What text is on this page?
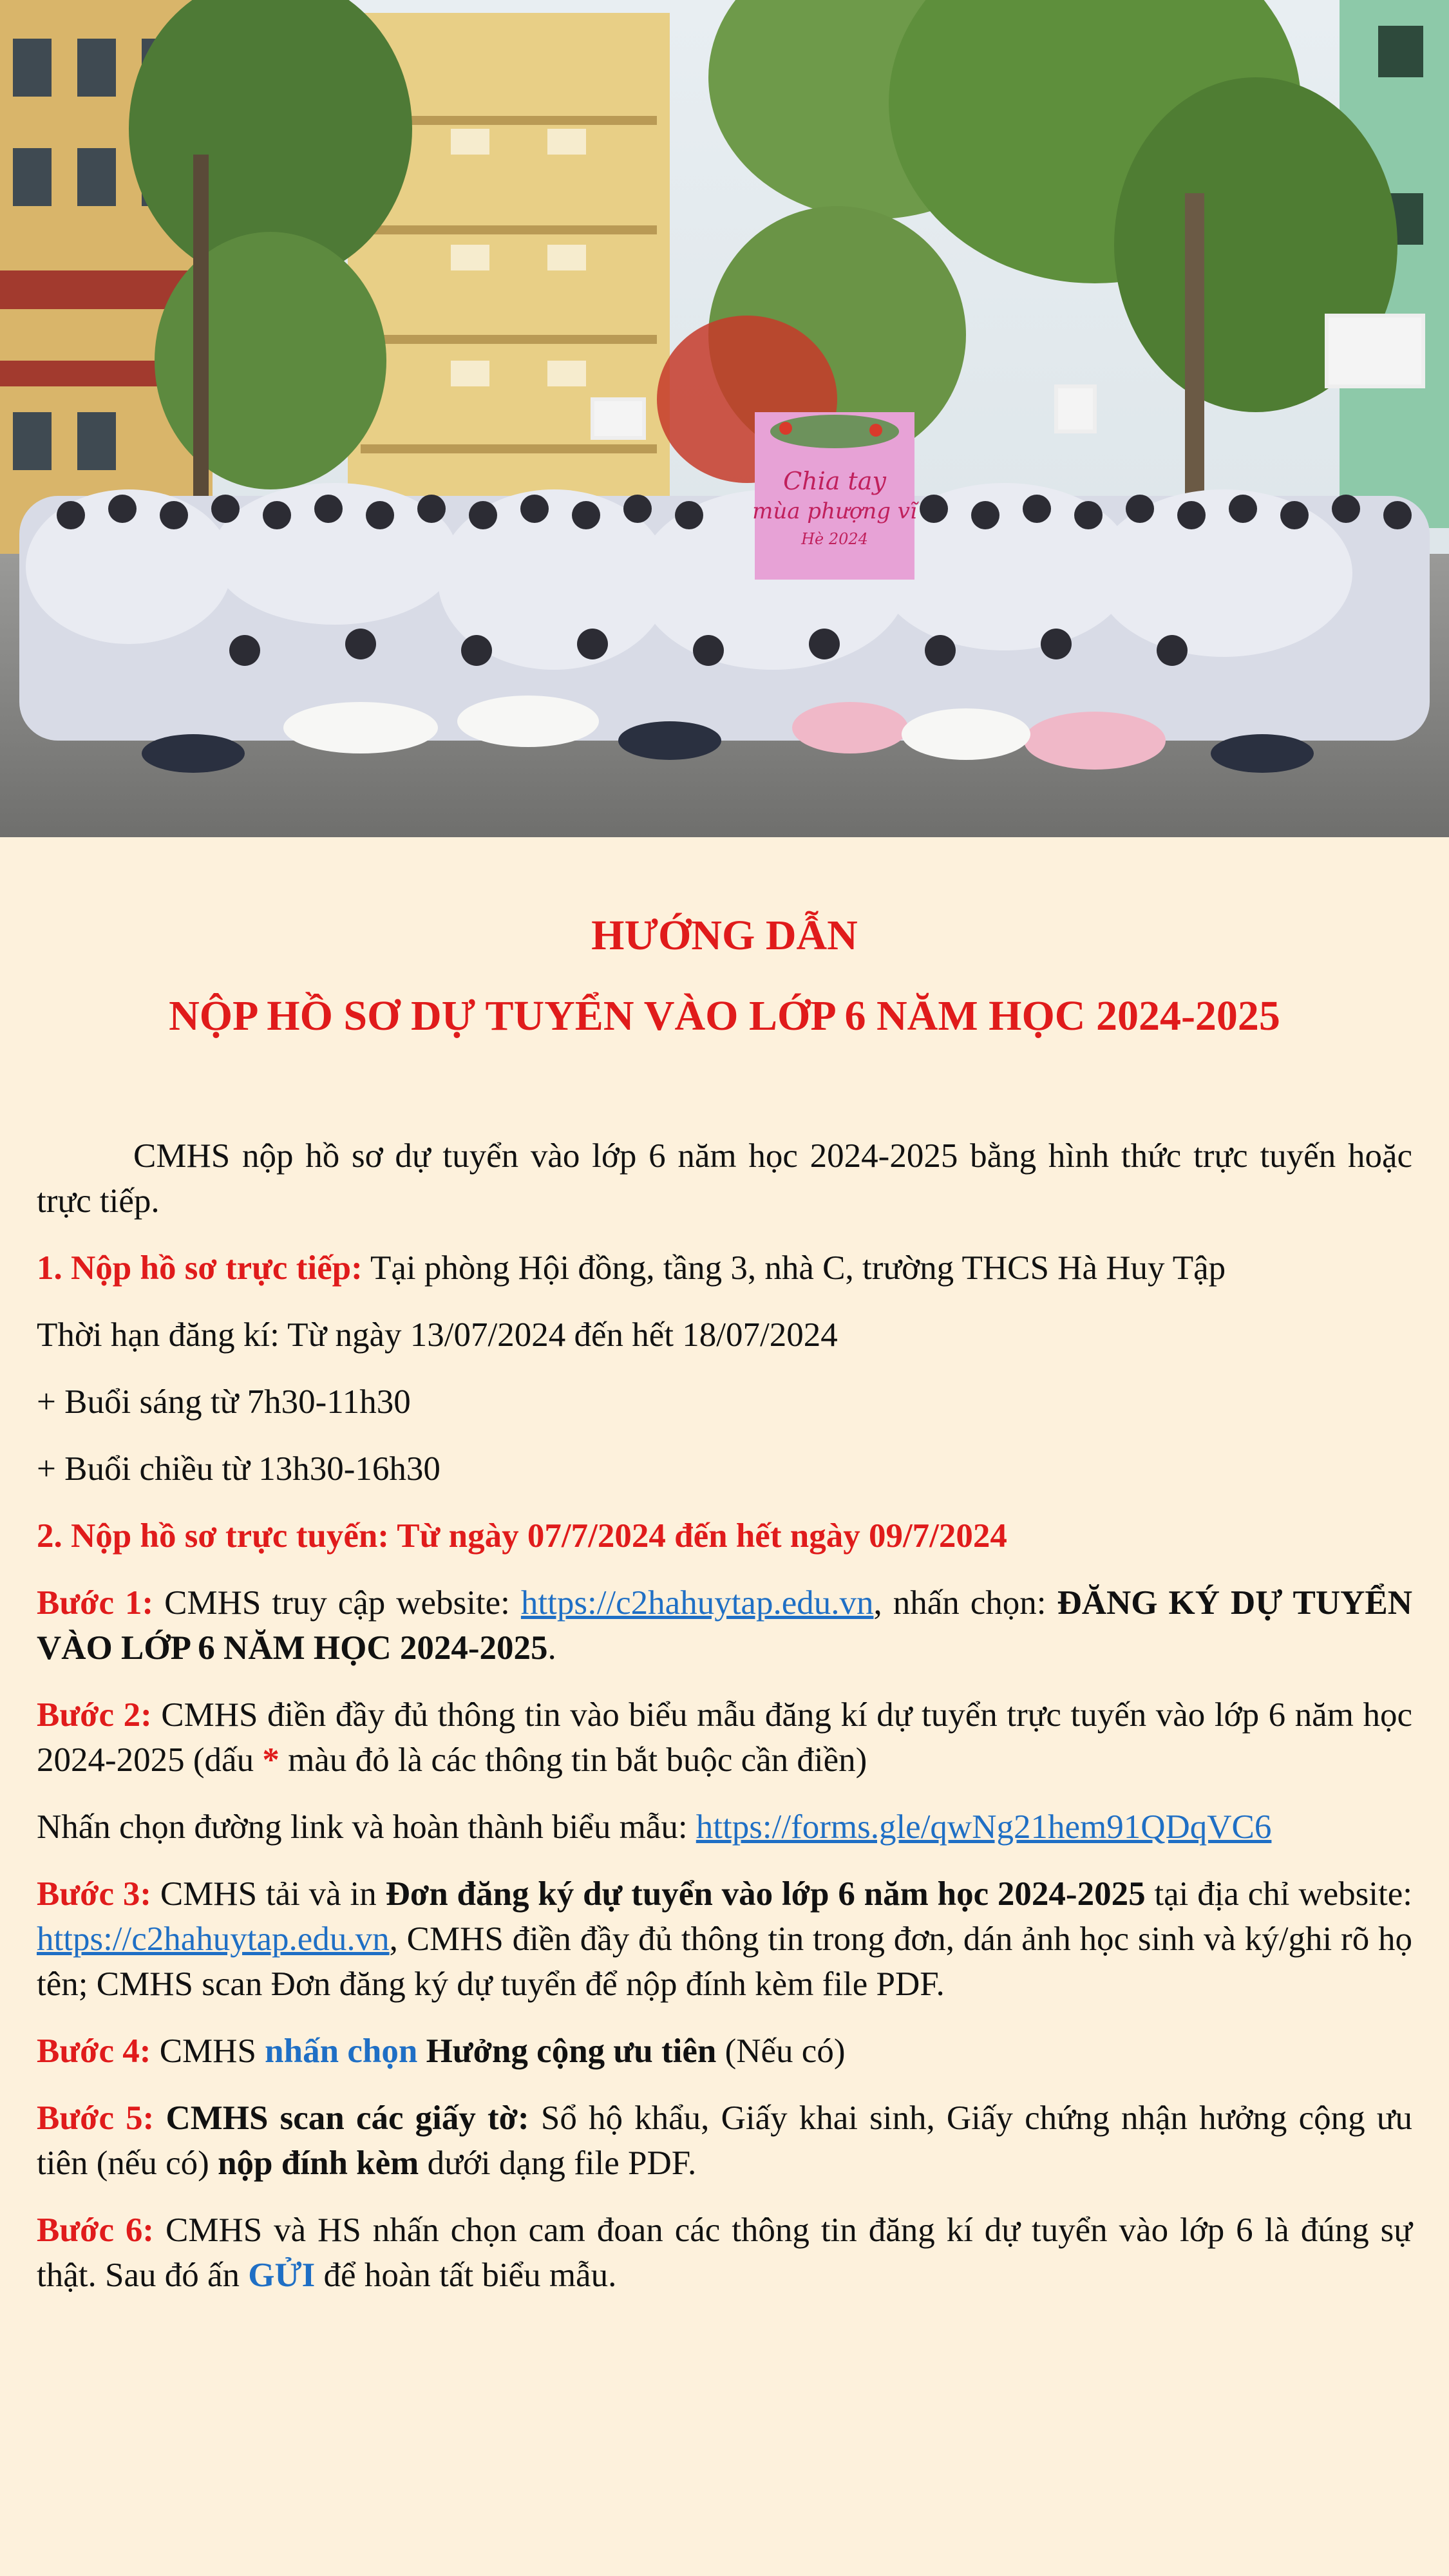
Chia tay
mùa phượng vĩ
Hè 2024
HƯỚNG DẪN
NỘP HỒ SƠ DỰ TUYỂN VÀO LỚP 6 NĂM HỌC 2024-2025

CMHS nộp hồ sơ dự tuyển vào lớp 6 năm học 2024-2025 bằng hình thức trực tuyến hoặc trực tiếp.

1. Nộp hồ sơ trực tiếp: Tại phòng Hội đồng, tầng 3, nhà C, trường THCS Hà Huy Tập

Thời hạn đăng kí: Từ ngày 13/07/2024 đến hết 18/07/2024

+ Buổi sáng từ 7h30-11h30

+ Buổi chiều từ 13h30-16h30

2. Nộp hồ sơ trực tuyến: Từ ngày 07/7/2024 đến hết ngày 09/7/2024

Bước 1: CMHS truy cập website: https://c2hahuytap.edu.vn, nhấn chọn: ĐĂNG KÝ DỰ TUYỂN VÀO LỚP 6 NĂM HỌC 2024-2025.

Bước 2: CMHS điền đầy đủ thông tin vào biểu mẫu đăng kí dự tuyển trực tuyến vào lớp 6 năm học 2024-2025 (dấu * màu đỏ là các thông tin bắt buộc cần điền)

Nhấn chọn đường link và hoàn thành biểu mẫu: https://forms.gle/qwNg21hem91QDqVC6

Bước 3: CMHS tải và in Đơn đăng ký dự tuyển vào lớp 6 năm học 2024-2025 tại địa chỉ website: https://c2hahuytap.edu.vn, CMHS điền đầy đủ thông tin trong đơn, dán ảnh học sinh và ký/ghi rõ họ tên; CMHS scan Đơn đăng ký dự tuyển để nộp đính kèm file PDF.

Bước 4: CMHS nhấn chọn Hưởng cộng ưu tiên (Nếu có)

Bước 5: CMHS scan các giấy tờ: Sổ hộ khẩu, Giấy khai sinh, Giấy chứng nhận hưởng cộng ưu tiên (nếu có) nộp đính kèm dưới dạng file PDF.

Bước 6: CMHS và HS nhấn chọn cam đoan các thông tin đăng kí dự tuyển vào lớp 6 là đúng sự thật. Sau đó ấn GỬI để hoàn tất biểu mẫu.
